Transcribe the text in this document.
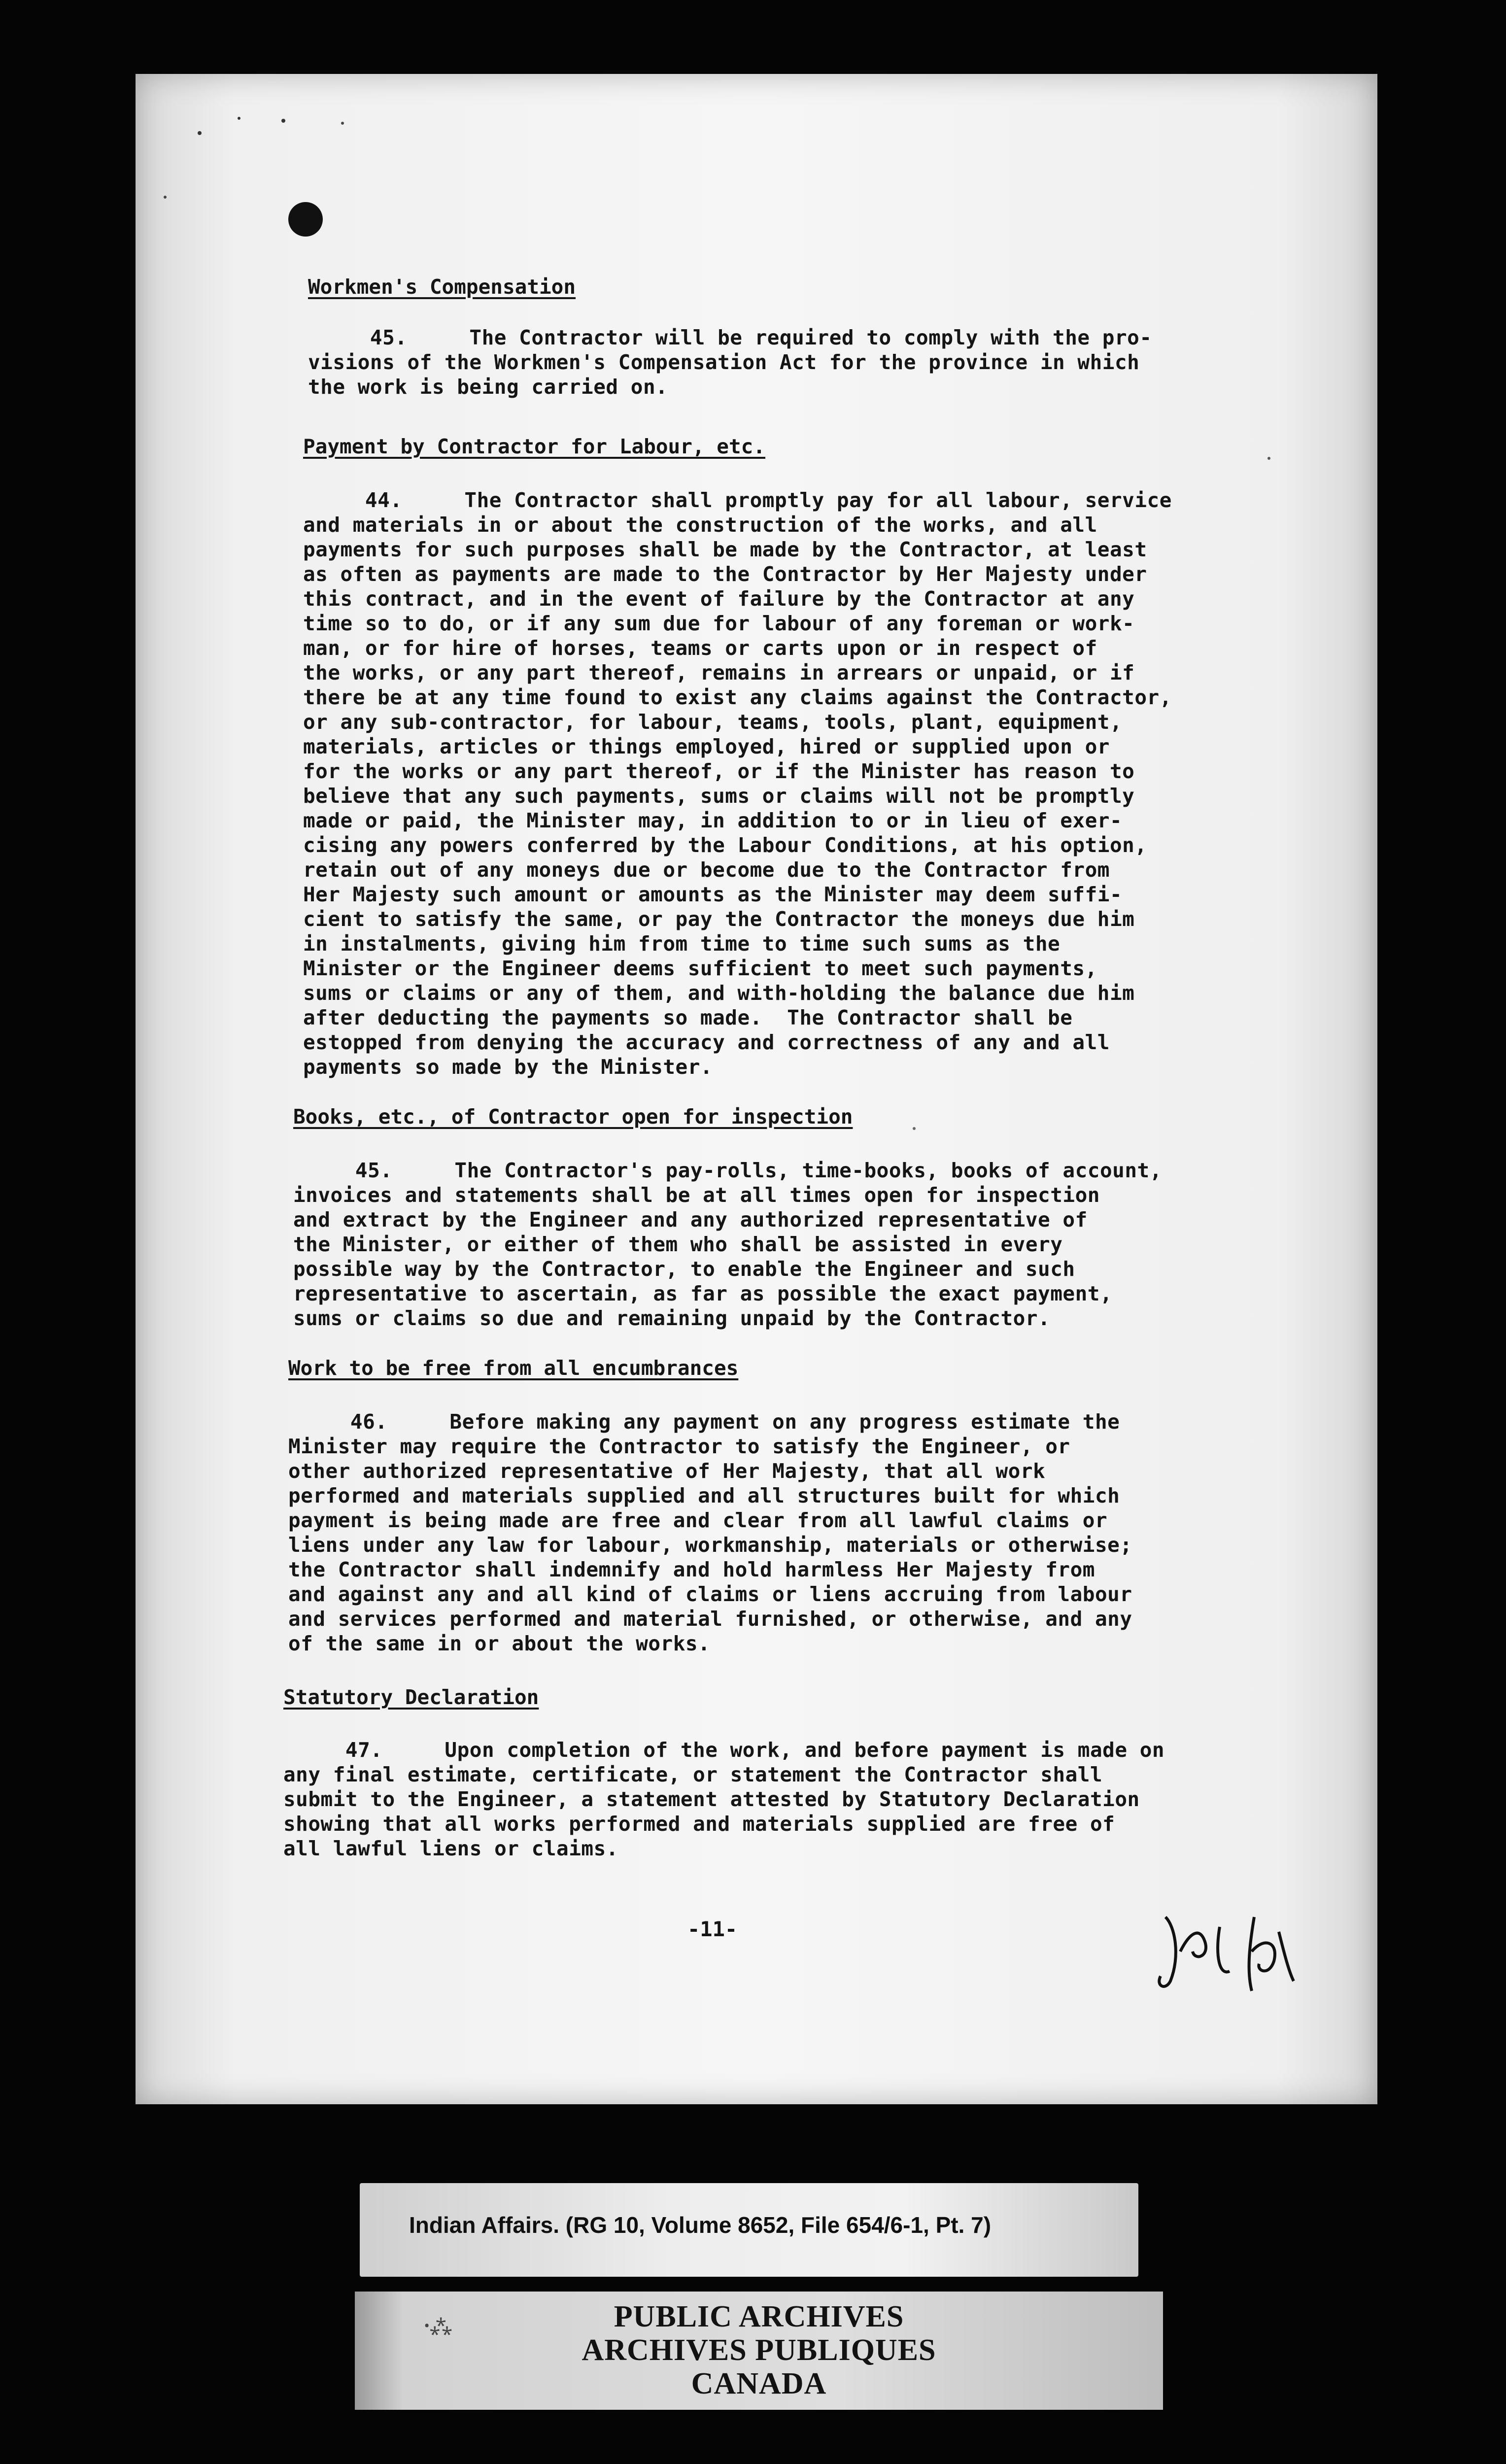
Workmen's Compensation
45.     The Contractor will be required to comply with the pro-
visions of the Workmen's Compensation Act for the province in which
the work is being carried on.
Payment by Contractor for Labour, etc.
44.     The Contractor shall promptly pay for all labour, service
and materials in or about the construction of the works, and all
payments for such purposes shall be made by the Contractor, at least
as often as payments are made to the Contractor by Her Majesty under
this contract, and in the event of failure by the Contractor at any
time so to do, or if any sum due for labour of any foreman or work-
man, or for hire of horses, teams or carts upon or in respect of
the works, or any part thereof, remains in arrears or unpaid, or if
there be at any time found to exist any claims against the Contractor,
or any sub-contractor, for labour, teams, tools, plant, equipment,
materials, articles or things employed, hired or supplied upon or
for the works or any part thereof, or if the Minister has reason to
believe that any such payments, sums or claims will not be promptly
made or paid, the Minister may, in addition to or in lieu of exer-
cising any powers conferred by the Labour Conditions, at his option,
retain out of any moneys due or become due to the Contractor from
Her Majesty such amount or amounts as the Minister may deem suffi-
cient to satisfy the same, or pay the Contractor the moneys due him
in instalments, giving him from time to time such sums as the
Minister or the Engineer deems sufficient to meet such payments,
sums or claims or any of them, and with-holding the balance due him
after deducting the payments so made.  The Contractor shall be
estopped from denying the accuracy and correctness of any and all
payments so made by the Minister.
Books, etc., of Contractor open for inspection
45.     The Contractor's pay-rolls, time-books, books of account,
invoices and statements shall be at all times open for inspection
and extract by the Engineer and any authorized representative of
the Minister, or either of them who shall be assisted in every
possible way by the Contractor, to enable the Engineer and such
representative to ascertain, as far as possible the exact payment,
sums or claims so due and remaining unpaid by the Contractor.
Work to be free from all encumbrances
46.     Before making any payment on any progress estimate the
Minister may require the Contractor to satisfy the Engineer, or
other authorized representative of Her Majesty, that all work
performed and materials supplied and all structures built for which
payment is being made are free and clear from all lawful claims or
liens under any law for labour, workmanship, materials or otherwise;
the Contractor shall indemnify and hold harmless Her Majesty from
and against any and all kind of claims or liens accruing from labour
and services performed and material furnished, or otherwise, and any
of the same in or about the works.
Statutory Declaration
47.     Upon completion of the work, and before payment is made on
any final estimate, certificate, or statement the Contractor shall
submit to the Engineer, a statement attested by Statutory Declaration
showing that all works performed and materials supplied are free of
all lawful liens or claims.
-11-
Indian Affairs. (RG 10, Volume 8652, File 654/6-1, Pt. 7)
ꞏ⁂	PUBLIC ARCHIVES
ARCHIVES PUBLIQUES
CANADA
